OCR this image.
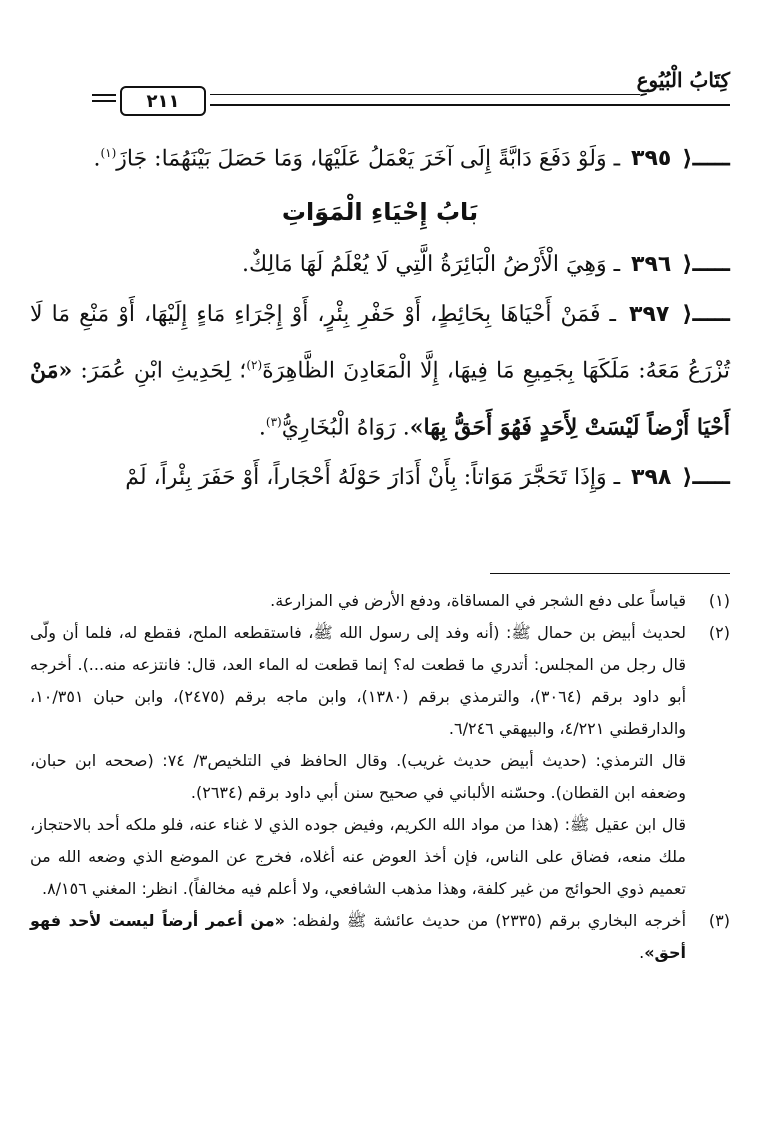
كِتَابُ الْبُيُوعِ
٢١١

ـــــ⟨ ٣٩٥ ـ وَلَوْ دَفَعَ دَابَّةً إِلَى آخَرَ يَعْمَلُ عَلَيْهَا، وَمَا حَصَلَ بَيْنَهُمَا: جَازَ$^{(١)}$.

بَابُ إِحْيَاءِ الْمَوَاتِ

ـــــ⟨ ٣٩٦ ـ وَهِيَ الْأَرْضُ الْبَائِرَةُ الَّتِي لَا يُعْلَمُ لَهَا مَالِكٌ.

ـــــ⟨ ٣٩٧ ـ فَمَنْ أَحْيَاهَا بِحَائِطٍ، أَوْ حَفْرِ بِئْرٍ، أَوْ إِجْرَاءِ مَاءٍ إِلَيْهَا، أَوْ مَنْعِ مَا لَا تُزْرَعُ مَعَهُ: مَلَكَهَا بِجَمِيعِ مَا فِيهَا، إِلَّا الْمَعَادِنَ الظَّاهِرَةَ$^{(٢)}$؛ لِحَدِيثِ ابْنِ عُمَرَ: «مَنْ أَحْيَا أَرْضاً لَيْسَتْ لِأَحَدٍ فَهُوَ أَحَقُّ بِهَا». رَوَاهُ الْبُخَارِيُّ$^{(٣)}$.

ـــــ⟨ ٣٩٨ ـ وَإِذَا تَحَجَّرَ مَوَاتاً: بِأَنْ أَدَارَ حَوْلَهُ أَحْجَاراً، أَوْ حَفَرَ بِئْراً، لَمْ

(١)

قياساً على دفع الشجر في المساقاة، ودفع الأرض في المزارعة.

(٢)

لحديث أبيض بن حمال ﷺ: (أنه وفد إلى رسول الله ﷺ، فاستقطعه الملح، فقطع له، فلما أن ولّى قال رجل من المجلس: أتدري ما قطعت له؟ إنما قطعت له الماء العد، قال: فانتزعه منه...). أخرجه أبو داود برقم (٣٠٦٤)، والترمذي برقم (١٣٨٠)، وابن ماجه برقم (٢٤٧٥)، وابن حبان ١٠/٣٥١، والدارقطني ٤/٢٢١، والبيهقي ٦/٢٤٦.

قال الترمذي: (حديث أبيض حديث غريب). وقال الحافظ في التلخيص٣/ ٧٤: (صححه ابن حبان، وضعفه ابن القطان). وحسّنه الألباني في صحيح سنن أبي داود برقم (٢٦٣٤).

قال ابن عقيل ﷺ: (هذا من مواد الله الكريم، وفيض جوده الذي لا غناء عنه، فلو ملكه أحد بالاحتجاز، ملك منعه، فضاق على الناس، فإن أخذ العوض عنه أغلاه، فخرج عن الموضع الذي وضعه الله من تعميم ذوي الحوائج من غير كلفة، وهذا مذهب الشافعي، ولا أعلم فيه مخالفاً). انظر: المغني ٨/١٥٦.

(٣)

أخرجه البخاري برقم (٢٣٣٥) من حديث عائشة ﷺ ولفظه: «من أعمر أرضاً ليست لأحد فهو أحق».
